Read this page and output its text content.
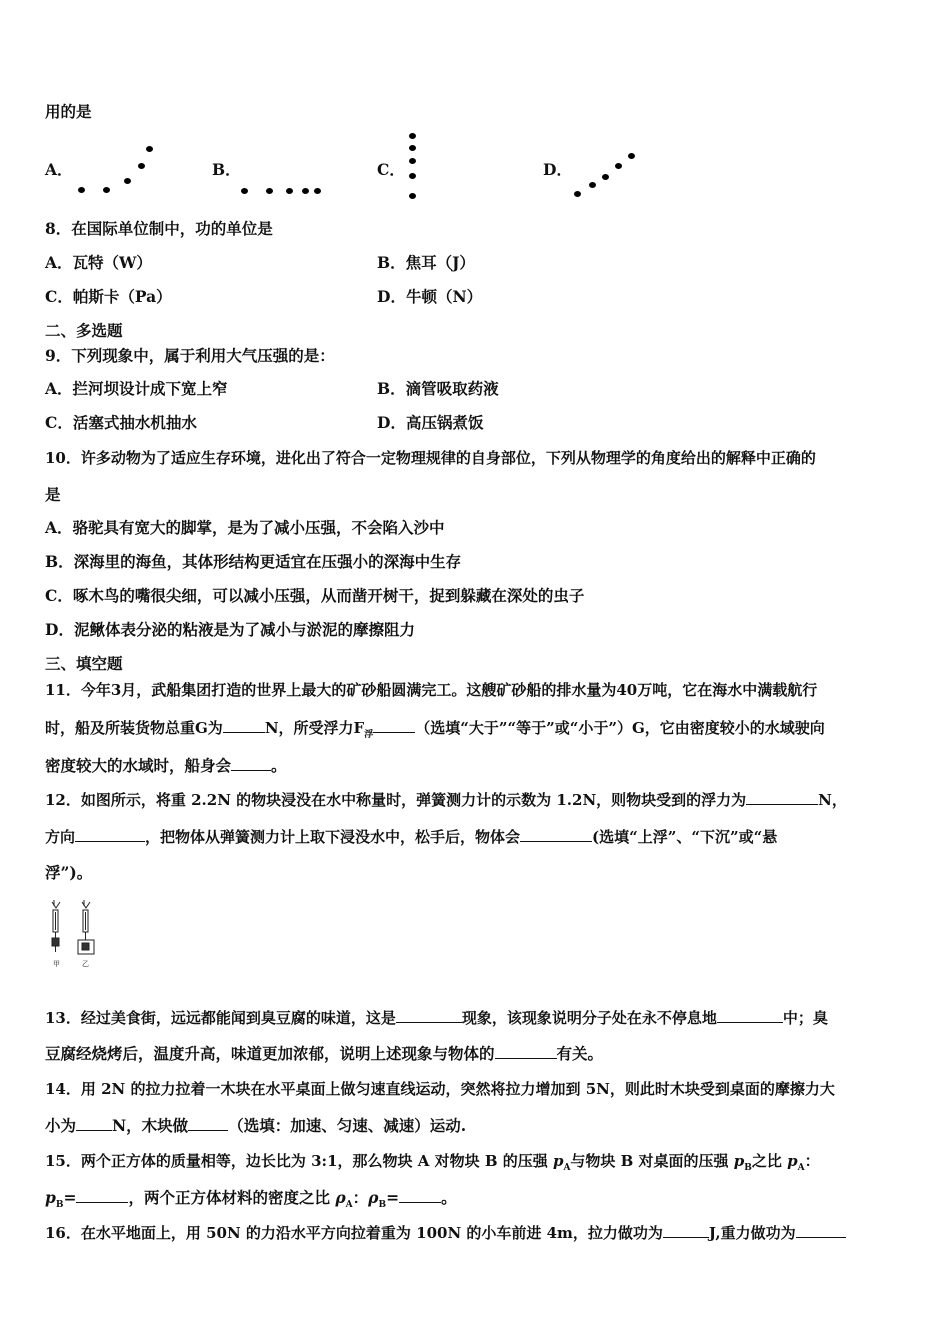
用的是
A．	B．	C．	D．
8．在国际单位制中，功的单位是
A．瓦特（W）	B．焦耳（J）
C．帕斯卡（Pa）	D．牛顿（N）
二、多选题
9．下列现象中，属于利用大气压强的是：
A．拦河坝设计成下宽上窄	B．滴管吸取药液
C．活塞式抽水机抽水	D．高压锅煮饭
10．许多动物为了适应生存环境，进化出了符合一定物理规律的自身部位，下列从物理学的角度给出的解释中正确的
是
A．骆驼具有宽大的脚掌，是为了减小压强，不会陷入沙中
B．深海里的海鱼，其体形结构更适宜在压强小的深海中生存
C．啄木鸟的嘴很尖细，可以减小压强，从而凿开树干，捉到躲藏在深处的虫子
D．泥鳅体表分泌的粘液是为了减小与淤泥的摩擦阻力
三、填空题
11．今年3月，武船集团打造的世界上最大的矿砂船圆满完工。这艘矿砂船的排水量为40万吨，它在海水中满载航行
时，船及所装货物总重G为	N，所受浮力$F_浮$	（选填“大于”“等于”或“小于”）G，它由密度较小的水域驶向
密度较大的水域时，船身会	。
12．如图所示，将重 2.2N 的物块浸没在水中称量时，弹簧测力计的示数为 1.2N，则物块受到的浮力为	N，
方向	，把物体从弹簧测力计上取下浸没水中，松手后，物体会	(选填“上浮”、“下沉”或“悬
浮”)。
甲	乙
13．经过美食街，远远都能闻到臭豆腐的味道，这是	现象，该现象说明分子处在永不停息地	中；臭
豆腐经烧烤后，温度升高，味道更加浓郁，说明上述现象与物体的	有关。
14．用 2N 的拉力拉着一木块在水平桌面上做匀速直线运动，突然将拉力增加到 5N，则此时木块受到桌面的摩擦力大
小为 N，木块做	（选填：加速、匀速、减速）运动.
15．两个正方体的质量相等，边长比为 3:1，那么物块 A 对物块 B 的压强 $p_A$与物块 B 对桌面的压强 $p_B$之比 $p_A$：
$p_B=$	，两个正方体材料的密度之比 $\rho_A$：$\rho_B=$	。
16．在水平地面上，用 50N 的力沿水平方向拉着重为 100N 的小车前进 4m，拉力做功为	J,重力做功为
